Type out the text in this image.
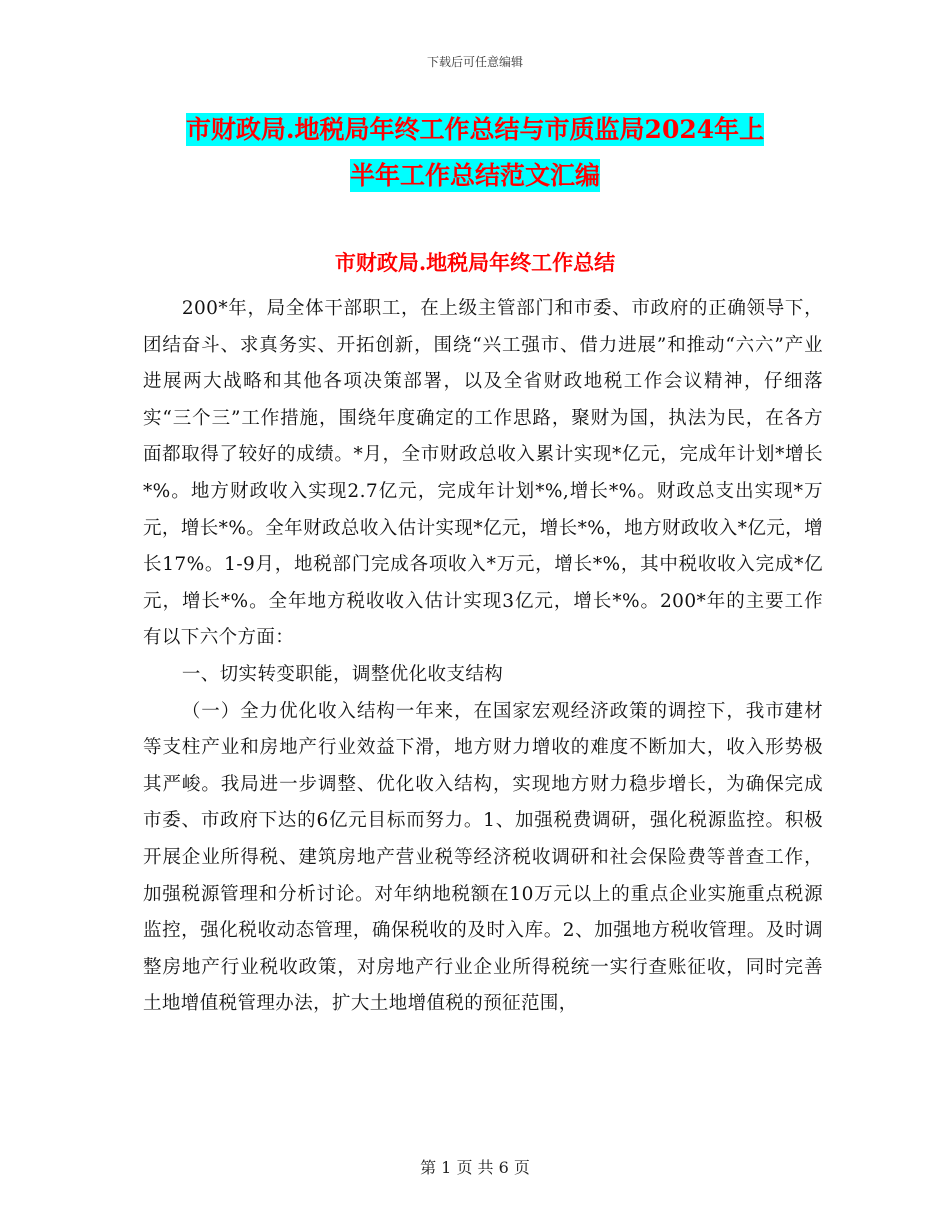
下载后可任意编辑
市财政局.地税局年终工作总结与市质监局2024年上
半年工作总结范文汇编
市财政局.地税局年终工作总结

200*年，局全体干部职工，在上级主管部门和市委、市政府的正确领导下，团结奋斗、求真务实、开拓创新，围绕“兴工强市、借力进展”和推动“六六”产业进展两大战略和其他各项决策部署，以及全省财政地税工作会议精神，仔细落实“三个三”工作措施，围绕年度确定的工作思路，聚财为国，执法为民，在各方面都取得了较好的成绩。*月，全市财政总收入累计实现*亿元，完成年计划*增长*%。地方财政收入实现2.7亿元，完成年计划*%,增长*%。财政总支出实现*万元，增长*%。全年财政总收入估计实现*亿元，增长*%，地方财政收入*亿元，增长17%。1-9月，地税部门完成各项收入*万元，增长*%，其中税收收入完成*亿元，增长*%。全年地方税收收入估计实现3亿元，增长*%。200*年的主要工作有以下六个方面：

一、切实转变职能，调整优化收支结构

（一）全力优化收入结构一年来，在国家宏观经济政策的调控下，我市建材等支柱产业和房地产行业效益下滑，地方财力增收的难度不断加大，收入形势极其严峻。我局进一步调整、优化收入结构，实现地方财力稳步增长，为确保完成市委、市政府下达的6亿元目标而努力。1、加强税费调研，强化税源监控。积极开展企业所得税、建筑房地产营业税等经济税收调研和社会保险费等普查工作，加强税源管理和分析讨论。对年纳地税额在10万元以上的重点企业实施重点税源监控，强化税收动态管理，确保税收的及时入库。2、加强地方税收管理。及时调整房地产行业税收政策，对房地产行业企业所得税统一实行查账征收，同时完善土地增值税管理办法，扩大土地增值税的预征范围，

第 1 页 共 6 页
